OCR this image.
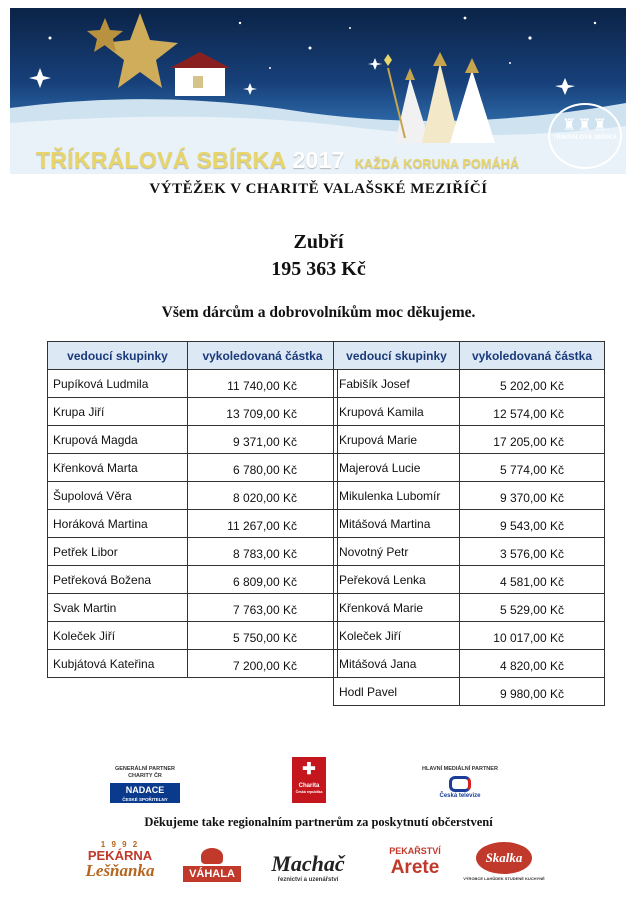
TŘÍKRÁLOVÁ SBÍRKA 2017 KAŽDÁ KORUNA POMÁHÁ
♜♜♜
TŘÍKRÁLOVÁ SBÍRKA
VÝTĚŽEK V CHARITĚ VALAŠSKÉ MEZIŘÍČÍ
Zubří
195 363 Kč
Všem dárcům a dobrovolníkům moc děkujeme.
vedoucí skupinky	vykoledovaná částka
Pupíková Ludmila	11 740,00 Kč
Krupa Jiří	13 709,00 Kč
Krupová Magda	9 371,00 Kč
Křenková Marta	6 780,00 Kč
Šupolová Věra	8 020,00 Kč
Horáková Martina	11 267,00 Kč
Petřek Libor	8 783,00 Kč
Petřeková Božena	6 809,00 Kč
Svak Martin	7 763,00 Kč
Koleček Jiří	5 750,00 Kč
Kubjátová Kateřina	7 200,00 Kč
vedoucí skupinky	vykoledovaná částka
Fabišík Josef	5 202,00 Kč
Krupová Kamila	12 574,00 Kč
Krupová Marie	17 205,00 Kč
Majerová Lucie	5 774,00 Kč
Mikulenka Lubomír	9 370,00 Kč
Mitášová Martina	9 543,00 Kč
Novotný Petr	3 576,00 Kč
Peřeková Lenka	4 581,00 Kč
Křenková Marie	5 529,00 Kč
Koleček Jiří	10 017,00 Kč
Mitášová Jana	4 820,00 Kč
Hodl Pavel	9 980,00 Kč
GENERÁLNÍ PARTNER CHARITY ČR
NADACE
ČESKÉ SPOŘITELNY
✚
Charita
Česká republika
HLAVNÍ MEDIÁLNÍ PARTNER
Česká televize
Děkujeme take regionalním partnerům za poskytnutí občerstvení
1 9 9 2
PEKÁRNA
Lešňanka	VÁHALA	Machač
řeznictví a uzenářství
PEKAŘSTVÍ
Arete	Skalka
VÝROBCE LAHŮDEK STUDENÉ KUCHYNĚ
